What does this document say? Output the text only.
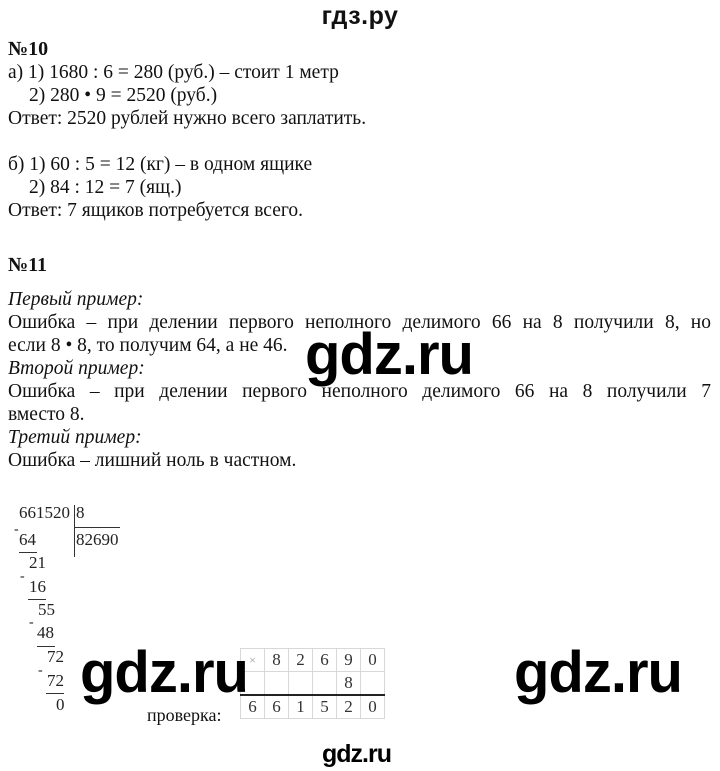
гдз.ру
№10
а) 1) 1680 : 6 = 280 (руб.) – стоит 1 метр
2) 280 • 9 = 2520 (руб.)
Ответ: 2520 рублей нужно всего заплатить.
б) 1) 60 : 5 = 12 (кг) – в одном ящике
2) 84 : 12 = 7 (ящ.)
Ответ: 7 ящиков потребуется всего.
№11
Первый пример:
Ошибка – при делении первого неполного делимого 66 на 8 получили 8, но
если 8 • 8, то получим 64, а не 46.
Второй пример:
Ошибка – при делении первого неполного делимого 66 на 8 получили 7
вместо 8.
Третий пример:
Ошибка – лишний ноль в частном.
661520 8
82690
-
64
21
-
16
55
-
48
72
-
72
0
проверка:
×	8	2	6	9	0
				8	
6	6	1	5	2	0
gdz.ru
gdz.ru	gdz.ru
gdz.ru
